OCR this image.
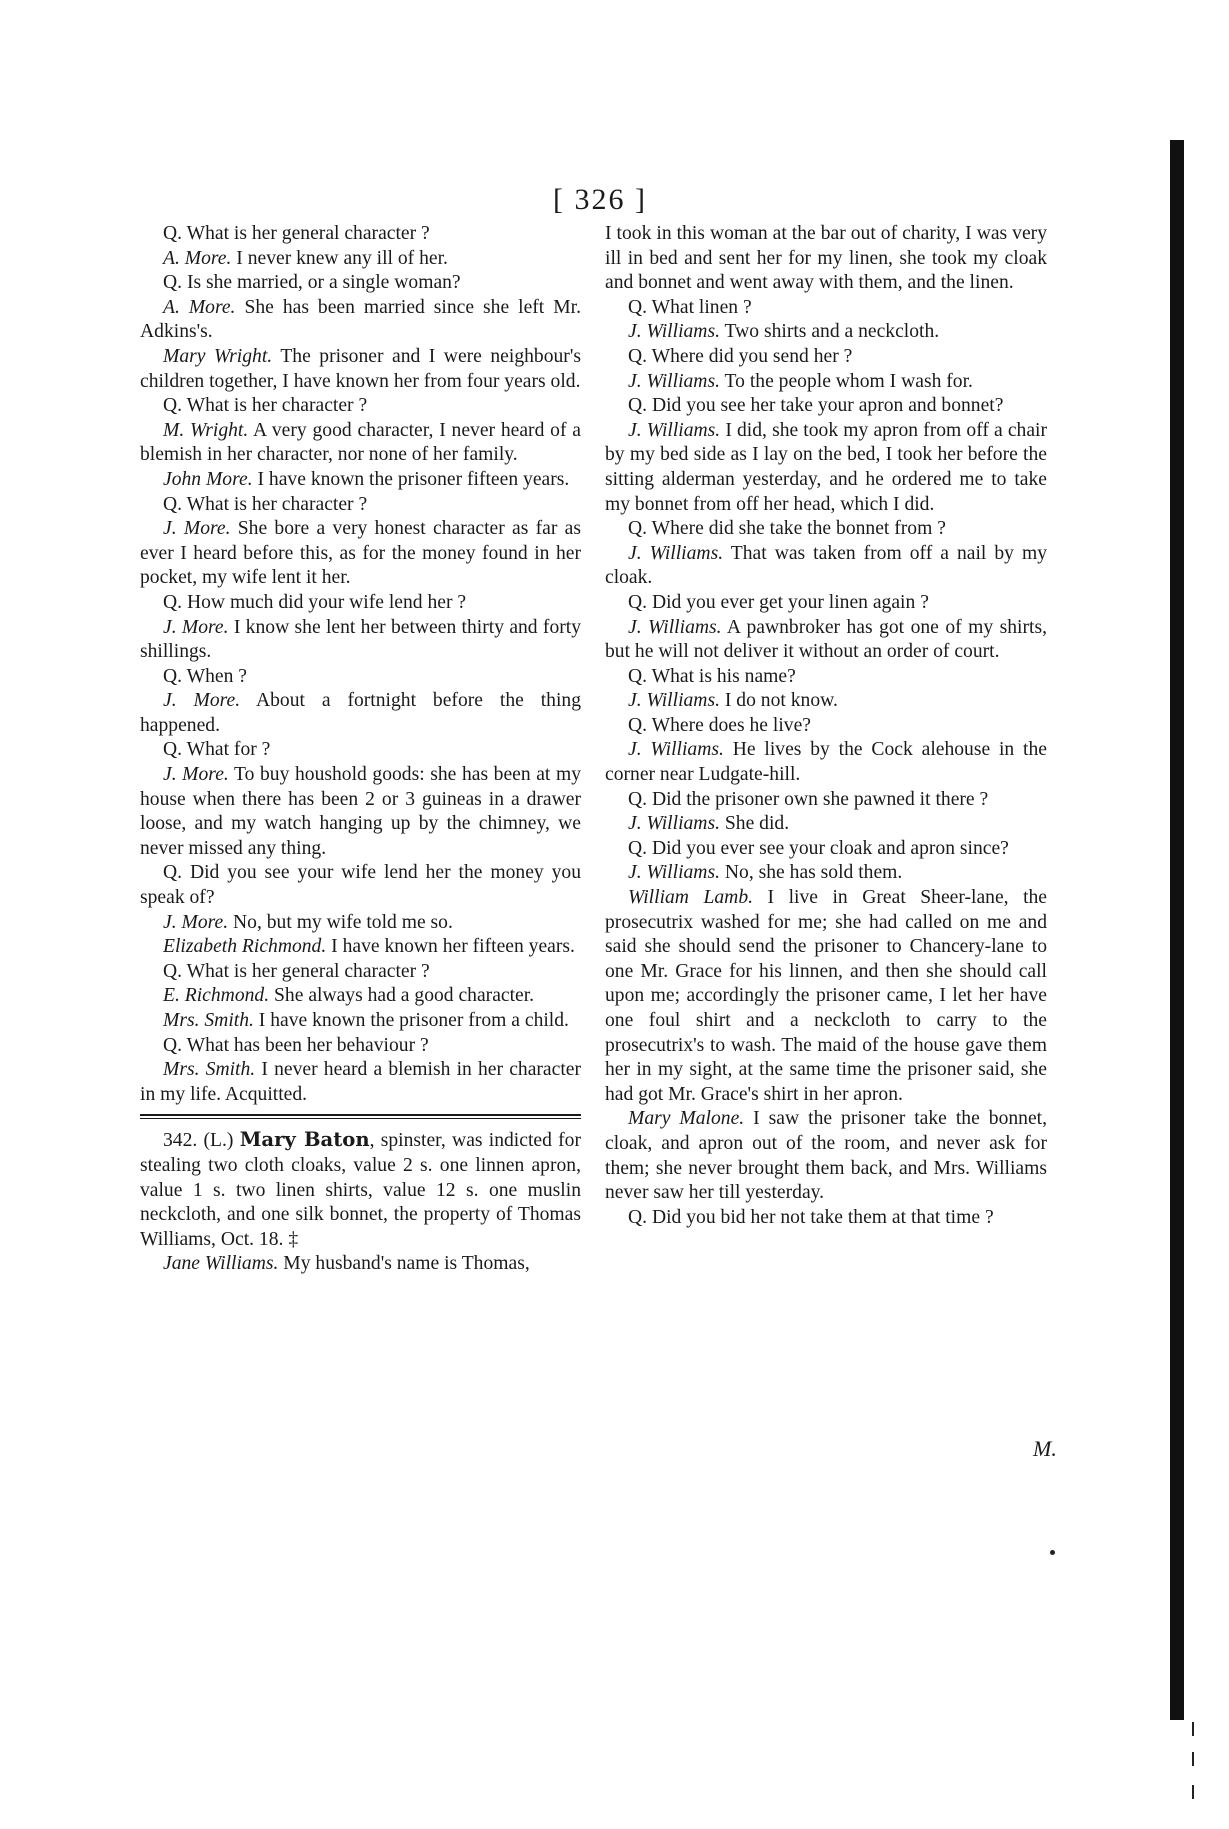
[ 326 ]

Q. What is her general character ?

A. More. I never knew any ill of her.

Q. Is she married, or a single woman?

A. More. She has been married since she left Mr. Adkins's.

Mary Wright. The prisoner and I were neighbour's children together, I have known her from four years old.

Q. What is her character ?

M. Wright. A very good character, I never heard of a blemish in her character, nor none of her family.

John More. I have known the prisoner fifteen years.

Q. What is her character ?

J. More. She bore a very honest character as far as ever I heard before this, as for the money found in her pocket, my wife lent it her.

Q. How much did your wife lend her ?

J. More. I know she lent her between thirty and forty shillings.

Q. When ?

J. More. About a fortnight before the thing happened.

Q. What for ?

J. More. To buy houshold goods: she has been at my house when there has been 2 or 3 guineas in a drawer loose, and my watch hanging up by the chimney, we never missed any thing.

Q. Did you see your wife lend her the money you speak of?

J. More. No, but my wife told me so.

Elizabeth Richmond. I have known her fifteen years.

Q. What is her general character ?

E. Richmond. She always had a good character.

Mrs. Smith. I have known the prisoner from a child.

Q. What has been her behaviour ?

Mrs. Smith. I never heard a blemish in her character in my life. Acquitted.

342. (L.) Mary Baton, spinster, was indicted for stealing two cloth cloaks, value 2 s. one linnen apron, value 1 s. two linen shirts, value 12 s. one muslin neckcloth, and one silk bonnet, the property of Thomas Williams, Oct. 18. ‡

Jane Williams. My husband's name is Thomas,

I took in this woman at the bar out of charity, I was very ill in bed and sent her for my linen, she took my cloak and bonnet and went away with them, and the linen.

Q. What linen ?

J. Williams. Two shirts and a neckcloth.

Q. Where did you send her ?

J. Williams. To the people whom I wash for.

Q. Did you see her take your apron and bonnet?

J. Williams. I did, she took my apron from off a chair by my bed side as I lay on the bed, I took her before the sitting alderman yesterday, and he ordered me to take my bonnet from off her head, which I did.

Q. Where did she take the bonnet from ?

J. Williams. That was taken from off a nail by my cloak.

Q. Did you ever get your linen again ?

J. Williams. A pawnbroker has got one of my shirts, but he will not deliver it without an order of court.

Q. What is his name?

J. Williams. I do not know.

Q. Where does he live?

J. Williams. He lives by the Cock alehouse in the corner near Ludgate-hill.

Q. Did the prisoner own she pawned it there ?

J. Williams. She did.

Q. Did you ever see your cloak and apron since?

J. Williams. No, she has sold them.

William Lamb. I live in Great Sheer-lane, the prosecutrix washed for me; she had called on me and said she should send the prisoner to Chancery-lane to one Mr. Grace for his linnen, and then she should call upon me; accordingly the prisoner came, I let her have one foul shirt and a neckcloth to carry to the prosecutrix's to wash. The maid of the house gave them her in my sight, at the same time the prisoner said, she had got Mr. Grace's shirt in her apron.

Mary Malone. I saw the prisoner take the bonnet, cloak, and apron out of the room, and never ask for them; she never brought them back, and Mrs. Williams never saw her till yesterday.

Q. Did you bid her not take them at that time ?

M.
